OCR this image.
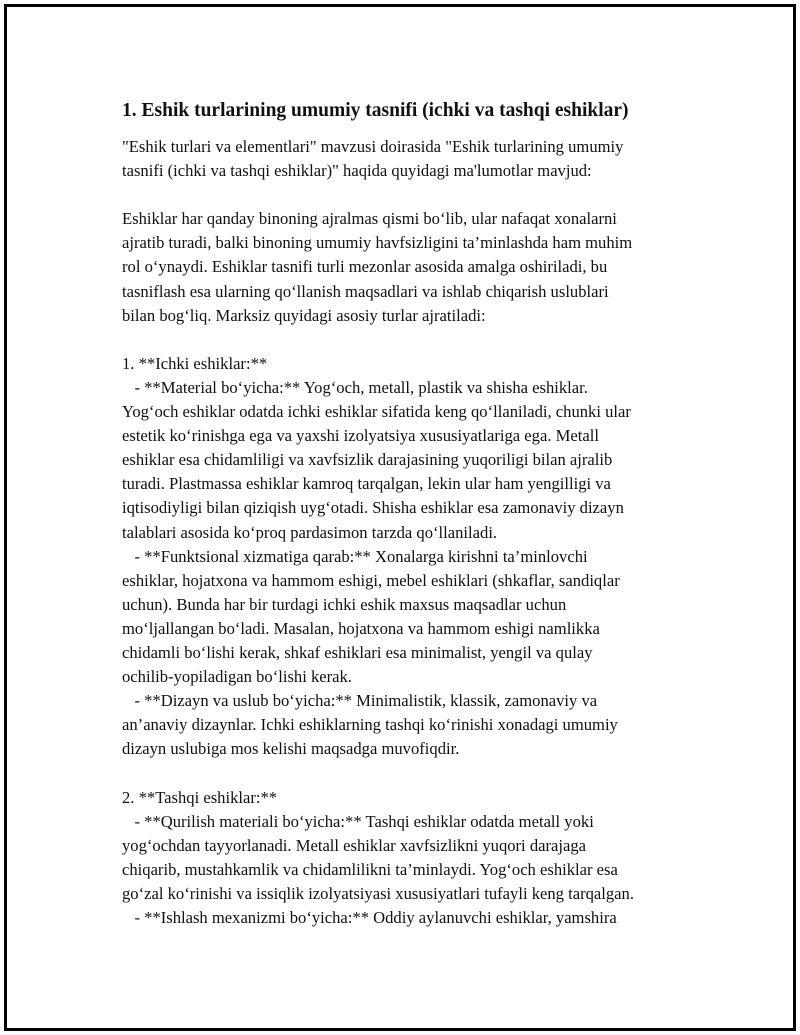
1. Eshik turlarining umumiy tasnifi (ichki va tashqi eshiklar)
"Eshik turlari va elementlari" mavzusi doirasida "Eshik turlarining umumiy
tasnifi (ichki va tashqi eshiklar)" haqida quyidagi ma'lumotlar mavjud:
Eshiklar har qanday binoning ajralmas qismi bo‘lib, ular nafaqat xonalarni
ajratib turadi, balki binoning umumiy havfsizligini ta’minlashda ham muhim
rol o‘ynaydi. Eshiklar tasnifi turli mezonlar asosida amalga oshiriladi, bu
tasniflash esa ularning qo‘llanish maqsadlari va ishlab chiqarish uslublari
bilan bog‘liq. Marksiz quyidagi asosiy turlar ajratiladi:
1. **Ichki eshiklar:**
- **Material bo‘yicha:** Yog‘och, metall, plastik va shisha eshiklar.
Yog‘och eshiklar odatda ichki eshiklar sifatida keng qo‘llaniladi, chunki ular
estetik ko‘rinishga ega va yaxshi izolyatsiya xususiyatlariga ega. Metall
eshiklar esa chidamliligi va xavfsizlik darajasining yuqoriligi bilan ajralib
turadi. Plastmassa eshiklar kamroq tarqalgan, lekin ular ham yengilligi va
iqtisodiyligi bilan qiziqish uyg‘otadi. Shisha eshiklar esa zamonaviy dizayn
talablari asosida ko‘proq pardasimon tarzda qo‘llaniladi.
- **Funktsional xizmatiga qarab:** Xonalarga kirishni ta’minlovchi
eshiklar, hojatxona va hammom eshigi, mebel eshiklari (shkaflar, sandiqlar
uchun). Bunda har bir turdagi ichki eshik maxsus maqsadlar uchun
mo‘ljallangan bo‘ladi. Masalan, hojatxona va hammom eshigi namlikka
chidamli bo‘lishi kerak, shkaf eshiklari esa minimalist, yengil va qulay
ochilib-yopiladigan bo‘lishi kerak.
- **Dizayn va uslub bo‘yicha:** Minimalistik, klassik, zamonaviy va
an’anaviy dizaynlar. Ichki eshiklarning tashqi ko‘rinishi xonadagi umumiy
dizayn uslubiga mos kelishi maqsadga muvofiqdir.
2. **Tashqi eshiklar:**
- **Qurilish materiali bo‘yicha:** Tashqi eshiklar odatda metall yoki
yog‘ochdan tayyorlanadi. Metall eshiklar xavfsizlikni yuqori darajaga
chiqarib, mustahkamlik va chidamlilikni ta’minlaydi. Yog‘och eshiklar esa
go‘zal ko‘rinishi va issiqlik izolyatsiyasi xususiyatlari tufayli keng tarqalgan.
- **Ishlash mexanizmi bo‘yicha:** Oddiy aylanuvchi eshiklar, yamshira
